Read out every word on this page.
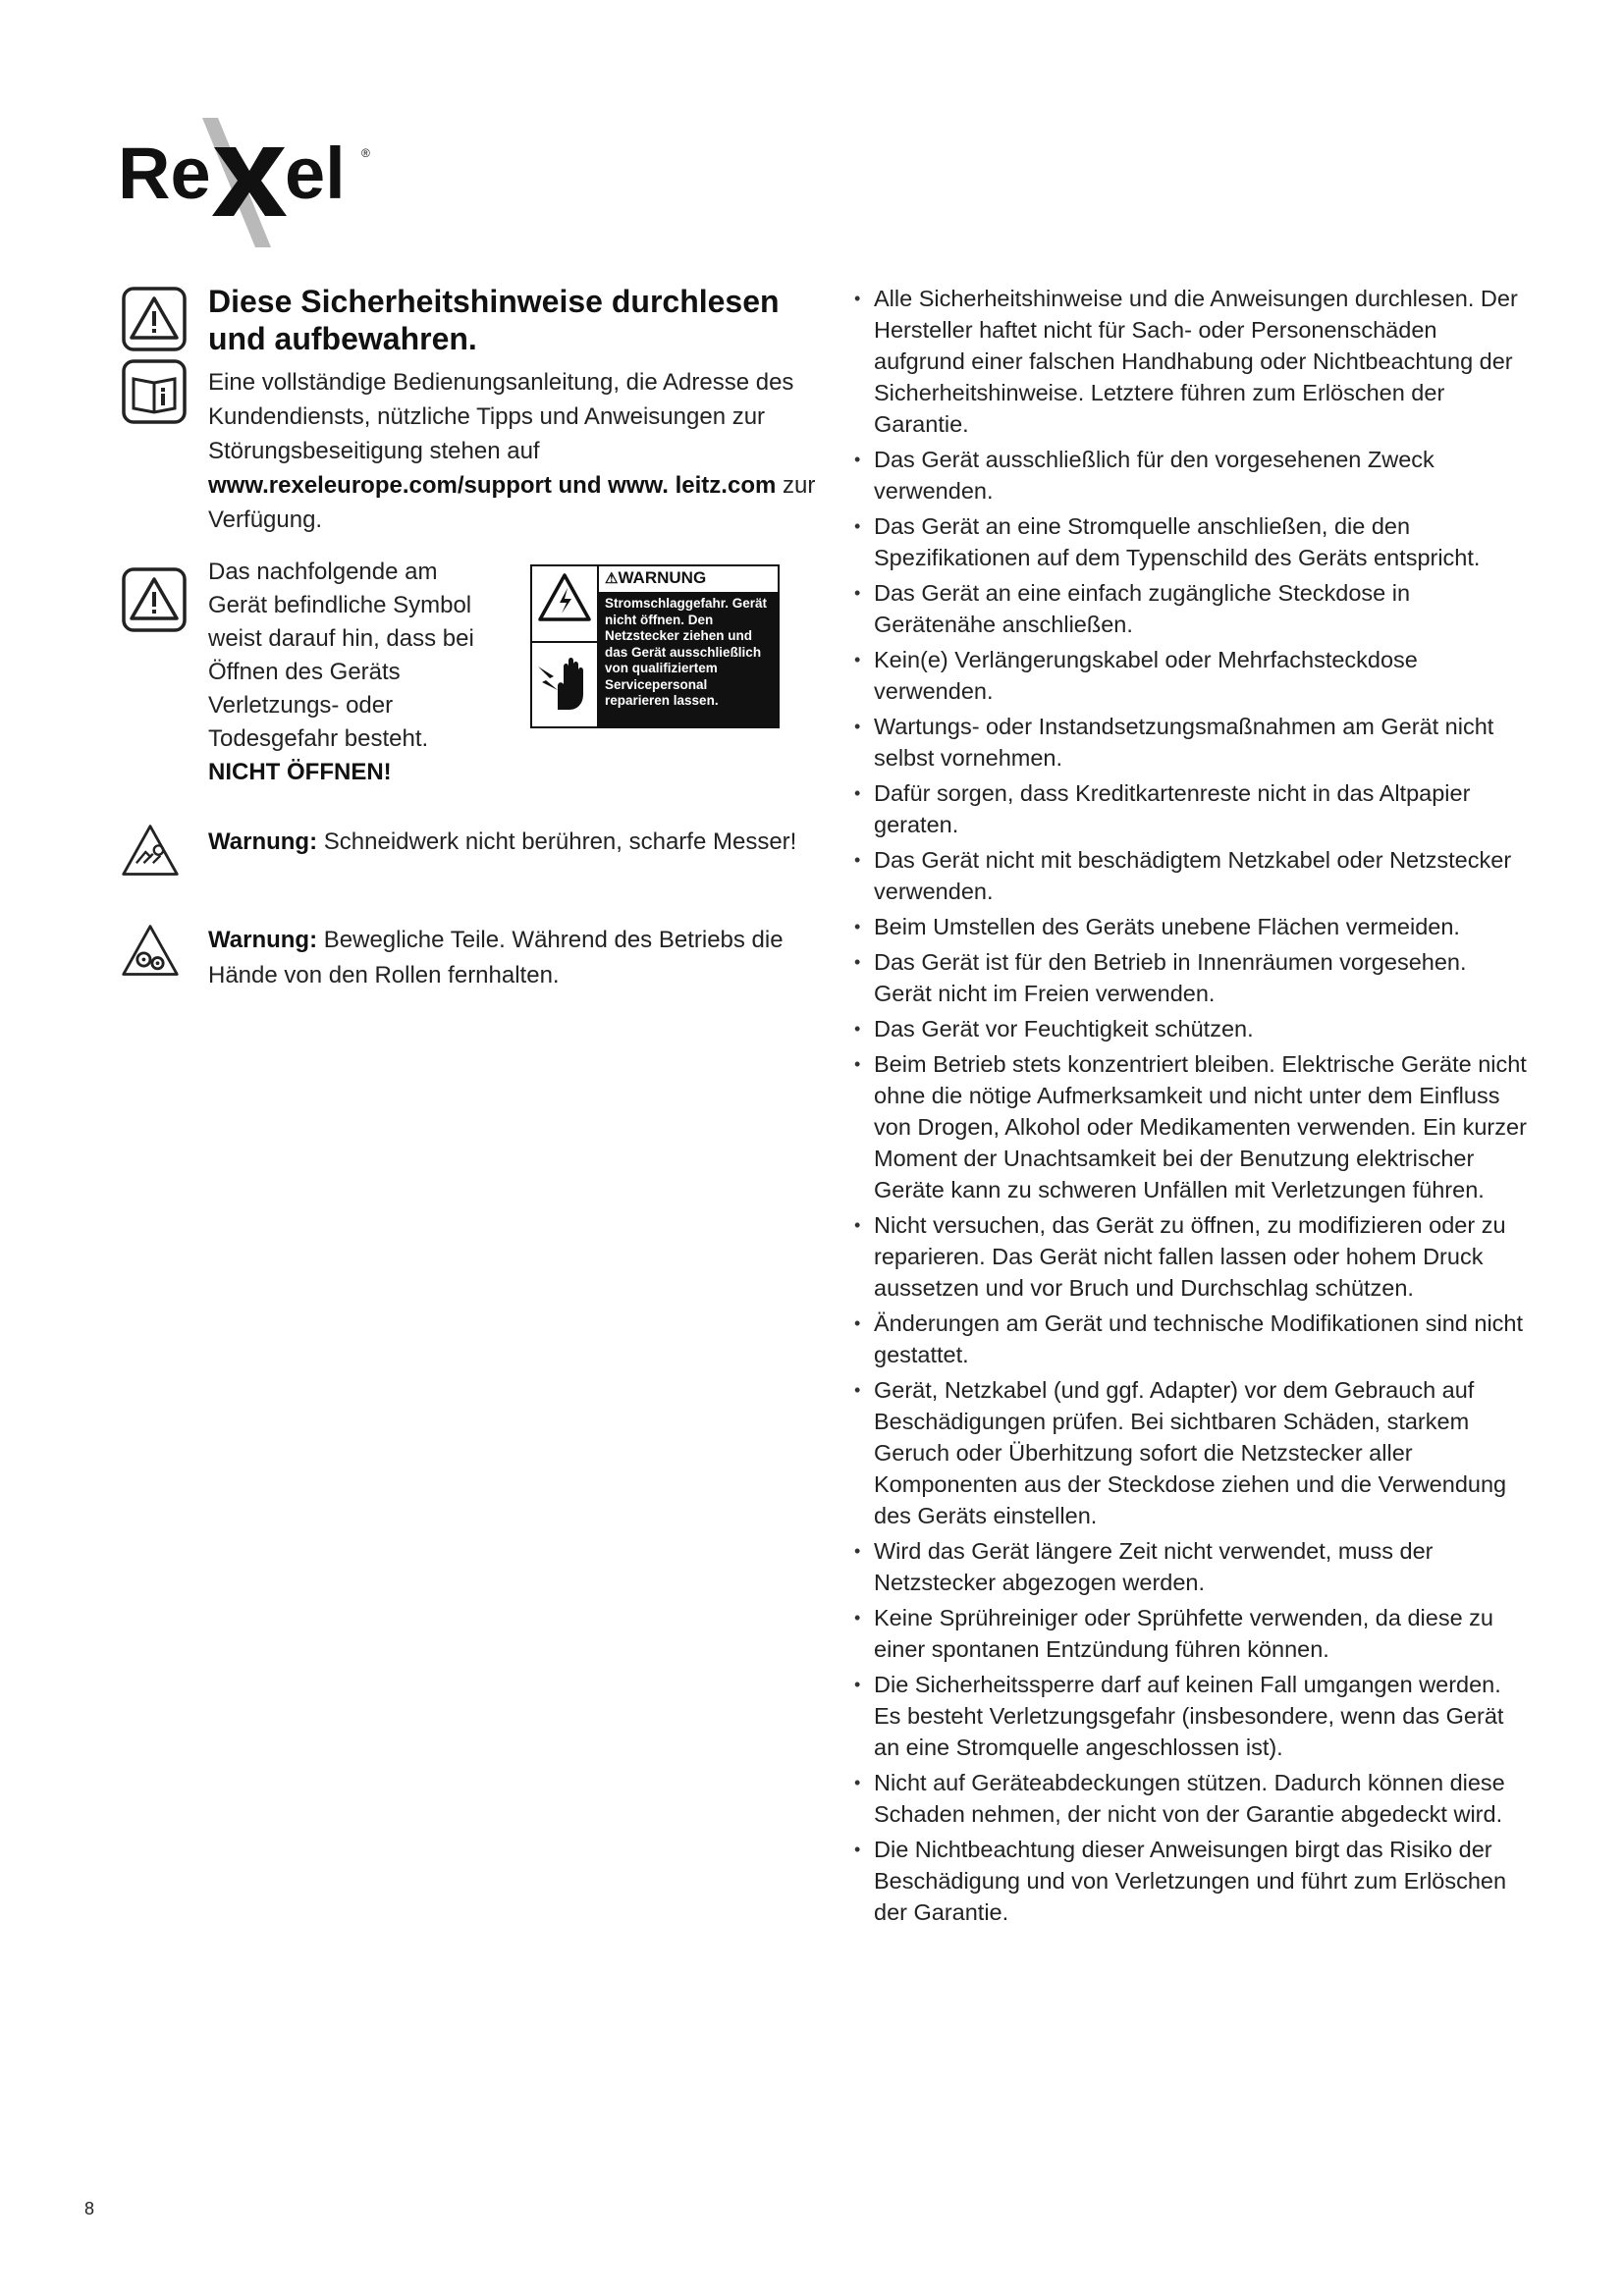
Re el ®
Diese Sicherheitshinweise durchlesen und aufbewahren.
Eine vollständige Bedienungsanleitung, die Adresse des Kundendiensts, nützliche Tipps und Anweisungen zur Störungsbeseitigung stehen auf www.rexeleurope.com/support und www. leitz.com zur Verfügung.
Das nachfolgende am Gerät befindliche Symbol weist darauf hin, dass bei Öffnen des Geräts Verletzungs- oder Todesgefahr besteht.
NICHT ÖFFNEN!
⚠WARNUNG
Stromschlaggefahr. Gerät nicht öffnen. Den Netzstecker ziehen und das Gerät ausschließlich von qualifiziertem Servicepersonal reparieren lassen.
Warnung: Schneidwerk nicht berühren, scharfe Messer!
Warnung: Bewegliche Teile. Während des Betriebs die Hände von den Rollen fernhalten.
• Alle Sicherheitshinweise und die Anweisungen durchlesen. Der Hersteller haftet nicht für Sach- oder Personenschäden aufgrund einer falschen Handhabung oder Nichtbeachtung der Sicherheitshinweise. Letztere führen zum Erlöschen der Garantie.
• Das Gerät ausschließlich für den vorgesehenen Zweck verwenden.
• Das Gerät an eine Stromquelle anschließen, die den Spezifikationen auf dem Typenschild des Geräts entspricht.
• Das Gerät an eine einfach zugängliche Steckdose in Gerätenähe anschließen.
• Kein(e) Verlängerungskabel oder Mehrfachsteckdose verwenden.
• Wartungs- oder Instandsetzungsmaßnahmen am Gerät nicht selbst vornehmen.
• Dafür sorgen, dass Kreditkartenreste nicht in das Altpapier geraten.
• Das Gerät nicht mit beschädigtem Netzkabel oder Netzstecker verwenden.
• Beim Umstellen des Geräts unebene Flächen vermeiden.
• Das Gerät ist für den Betrieb in Innenräumen vorgesehen. Gerät nicht im Freien verwenden.
• Das Gerät vor Feuchtigkeit schützen.
• Beim Betrieb stets konzentriert bleiben. Elektrische Geräte nicht ohne die nötige Aufmerksamkeit und nicht unter dem Einfluss von Drogen, Alkohol oder Medikamenten verwenden. Ein kurzer Moment der Unachtsamkeit bei der Benutzung elektrischer Geräte kann zu schweren Unfällen mit Verletzungen führen.
• Nicht versuchen, das Gerät zu öffnen, zu modifizieren oder zu reparieren. Das Gerät nicht fallen lassen oder hohem Druck aussetzen und vor Bruch und Durchschlag schützen.
• Änderungen am Gerät und technische Modifikationen sind nicht gestattet.
• Gerät, Netzkabel (und ggf. Adapter) vor dem Gebrauch auf Beschädigungen prüfen. Bei sichtbaren Schäden, starkem Geruch oder Überhitzung sofort die Netzstecker aller Komponenten aus der Steckdose ziehen und die Verwendung des Geräts einstellen.
• Wird das Gerät längere Zeit nicht verwendet, muss der Netzstecker abgezogen werden.
• Keine Sprühreiniger oder Sprühfette verwenden, da diese zu einer spontanen Entzündung führen können.
• Die Sicherheitssperre darf auf keinen Fall umgangen werden. Es besteht Verletzungsgefahr (insbesondere, wenn das Gerät an eine Stromquelle angeschlossen ist).
• Nicht auf Geräteabdeckungen stützen. Dadurch können diese Schaden nehmen, der nicht von der Garantie abgedeckt wird.
• Die Nichtbeachtung dieser Anweisungen birgt das Risiko der Beschädigung und von Verletzungen und führt zum Erlöschen der Garantie.
8
